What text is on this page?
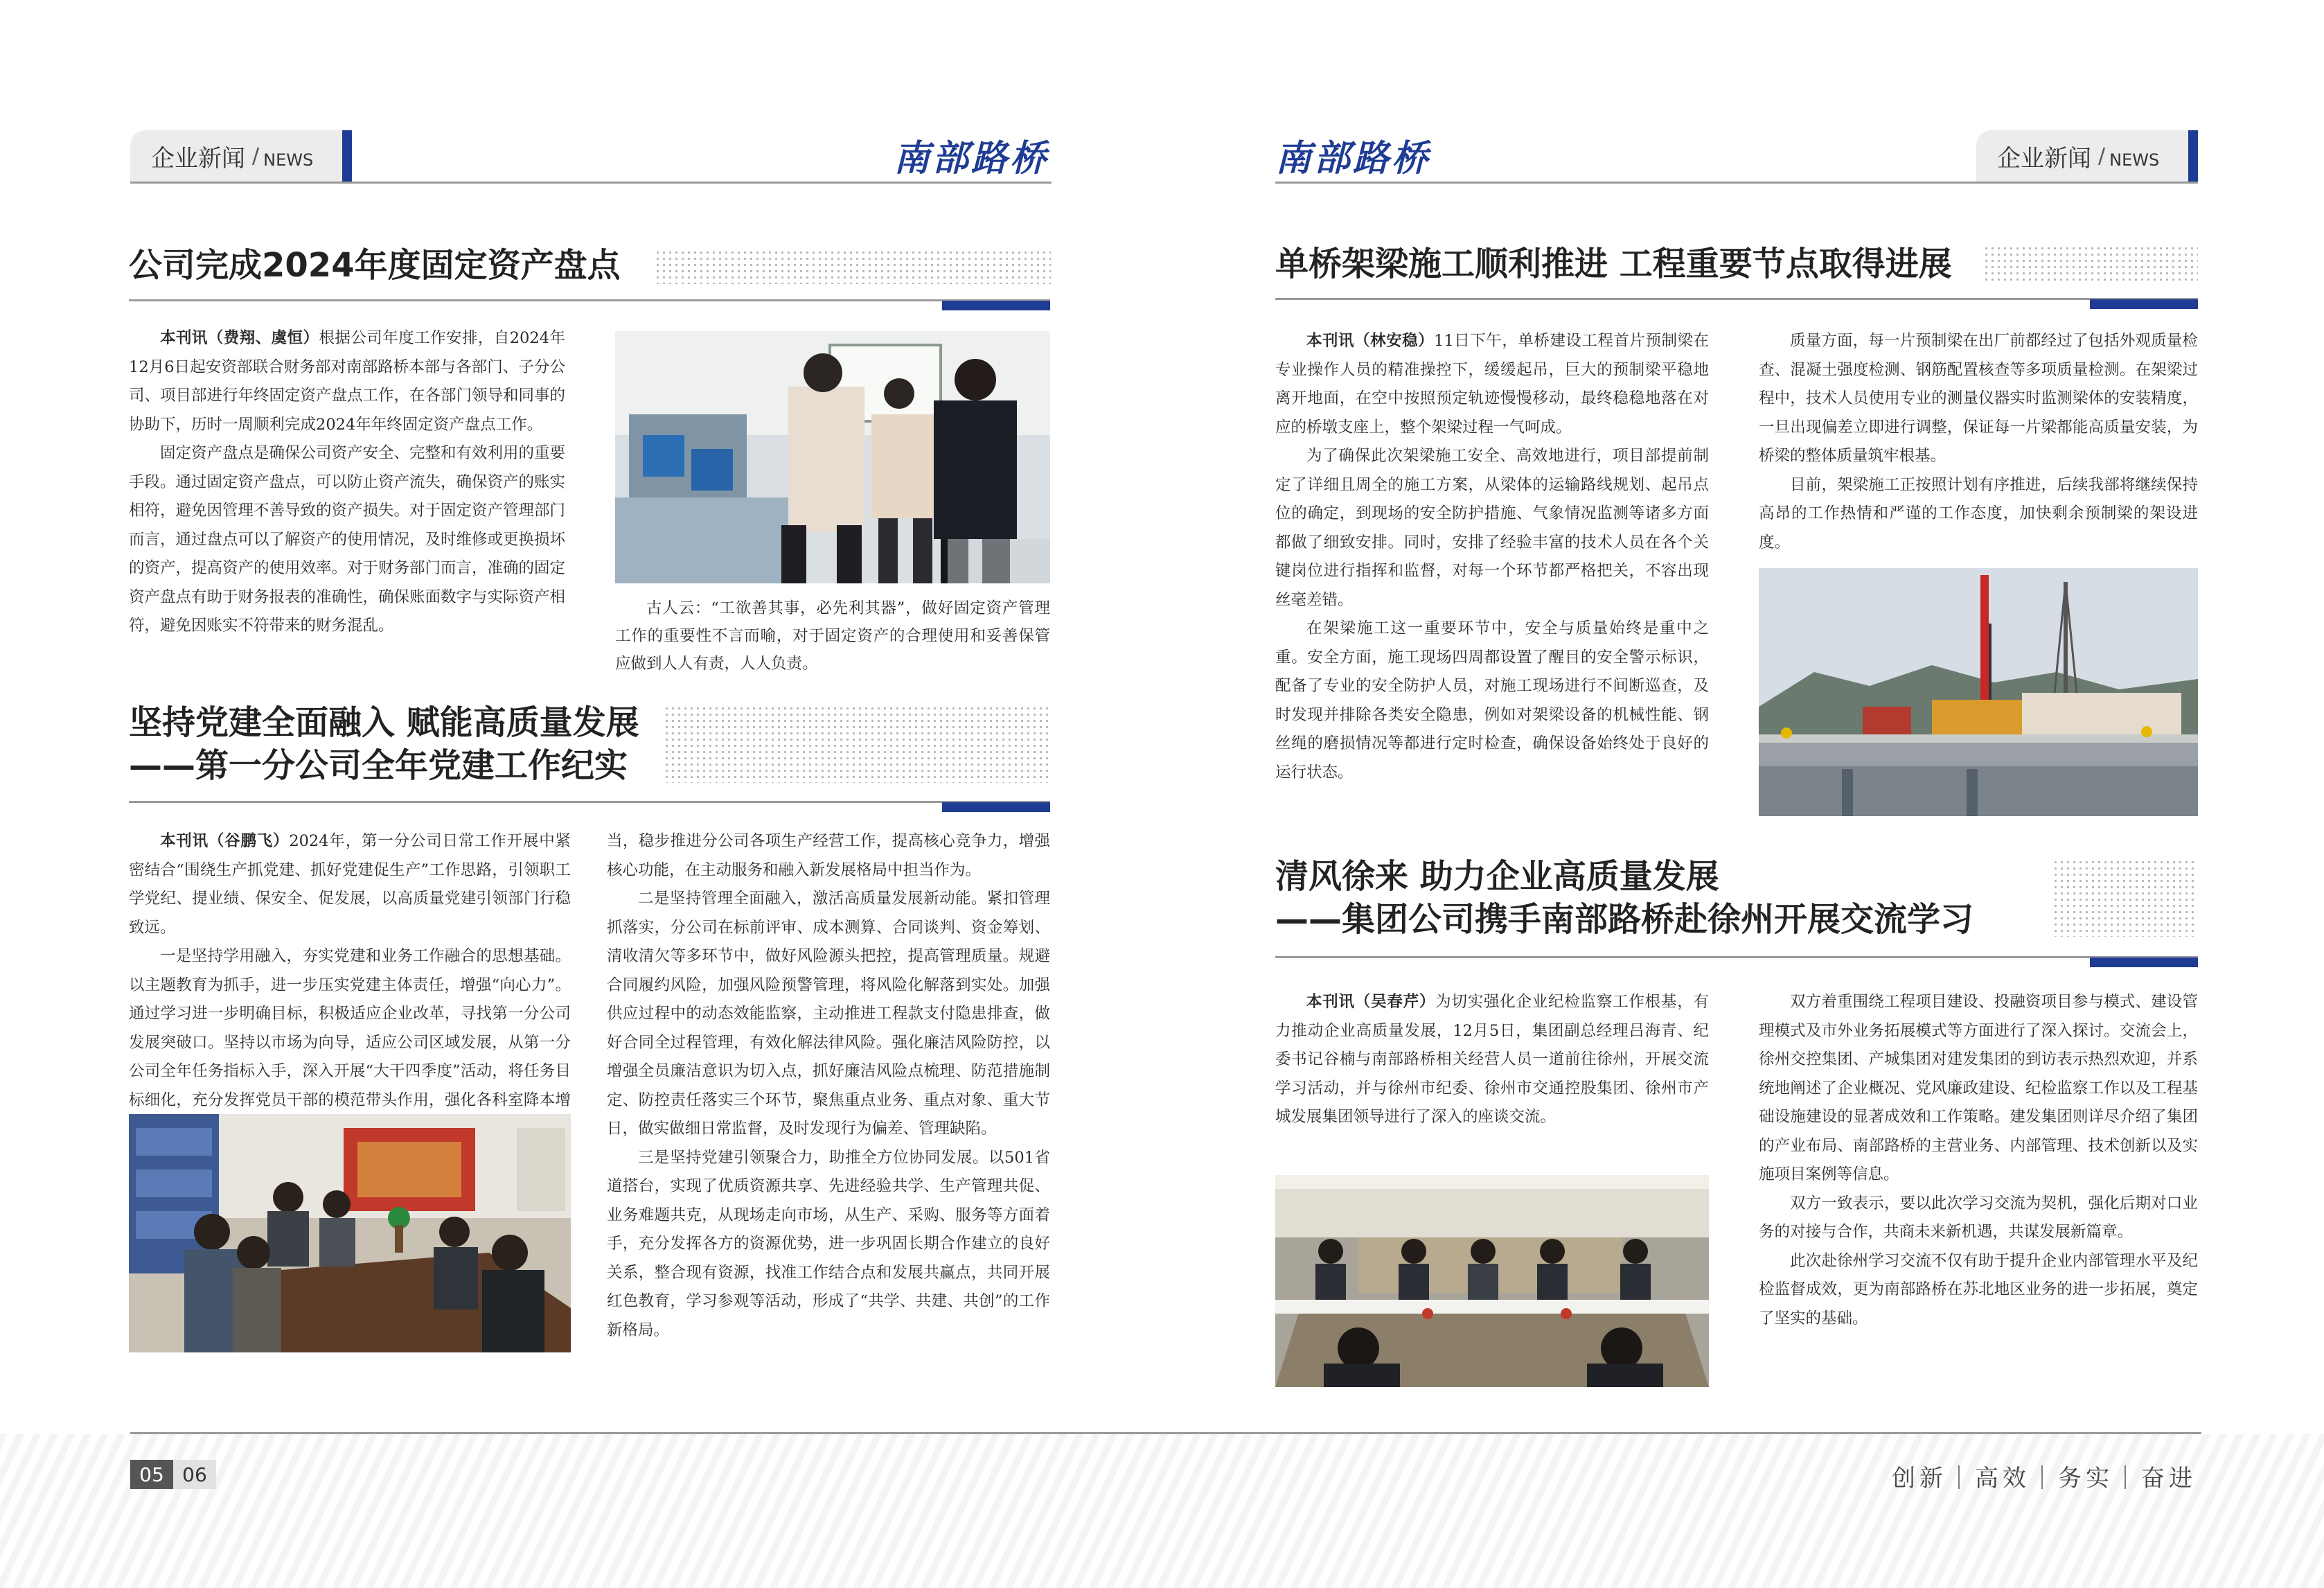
企业新闻 / NEWS	南部路桥
公司完成2024年度固定资产盘点

本刊讯（费翔、虞恒）根据公司年度工作安排，自2024年12月6日起安资部联合财务部对南部路桥本部与各部门、子分公司、项目部进行年终固定资产盘点工作，在各部门领导和同事的协助下，历时一周顺利完成2024年年终固定资产盘点工作。

固定资产盘点是确保公司资产安全、完整和有效利用的重要手段。通过固定资产盘点，可以防止资产流失，确保资产的账实相符，避免因管理不善导致的资产损失。对于固定资产管理部门而言，通过盘点可以了解资产的使用情况，及时维修或更换损坏的资产，提高资产的使用效率。对于财务部门而言，准确的固定资产盘点有助于财务报表的准确性，确保账面数字与实际资产相符，避免因账实不符带来的财务混乱。

古人云：“工欲善其事，必先利其器”，做好固定资产管理工作的重要性不言而喻，对于固定资产的合理使用和妥善保管应做到人人有责，人人负责。
坚持党建全面融入 赋能高质量发展
——第一分公司全年党建工作纪实

本刊讯（谷鹏飞）2024年，第一分公司日常工作开展中紧密结合“围绕生产抓党建、抓好党建促生产”工作思路，引领职工学党纪、提业绩、保安全、促发展，以高质量党建引领部门行稳致远。

一是坚持学用融入，夯实党建和业务工作融合的思想基础。以主题教育为抓手，进一步压实党建主体责任，增强“向心力”。通过学习进一步明确目标，积极适应企业改革，寻找第一分公司发展突破口。坚持以市场为向导，适应公司区域发展，从第一分公司全年任务指标入手，深入开展“大干四季度”活动，将任务目标细化，充分发挥党员干部的模范带头作用，强化各科室降本增

当，稳步推进分公司各项生产经营工作，提高核心竞争力，增强核心功能，在主动服务和融入新发展格局中担当作为。

二是坚持管理全面融入，激活高质量发展新动能。紧扣管理抓落实，分公司在标前评审、成本测算、合同谈判、资金筹划、清收清欠等多环节中，做好风险源头把控，提高管理质量。规避合同履约风险，加强风险预警管理，将风险化解落到实处。加强供应过程中的动态效能监察，主动推进工程款支付隐患排查，做好合同全过程管理，有效化解法律风险。强化廉洁风险防控，以增强全员廉洁意识为切入点，抓好廉洁风险点梳理、防范措施制定、防控责任落实三个环节，聚焦重点业务、重点对象、重大节日，做实做细日常监督，及时发现行为偏差、管理缺陷。

三是坚持党建引领聚合力，助推全方位协同发展。以501省道搭台，实现了优质资源共享、先进经验共学、生产管理共促、业务难题共克，从现场走向市场，从生产、采购、服务等方面着手，充分发挥各方的资源优势，进一步巩固长期合作建立的良好关系，整合现有资源，找准工作结合点和发展共赢点，共同开展红色教育，学习参观等活动，形成了“共学、共建、共创”的工作新格局。

南部路桥	企业新闻 / NEWS
单桥架梁施工顺利推进 工程重要节点取得进展

本刊讯（林安稳）11日下午，单桥建设工程首片预制梁在专业操作人员的精准操控下，缓缓起吊，巨大的预制梁平稳地离开地面，在空中按照预定轨迹慢慢移动，最终稳稳地落在对应的桥墩支座上，整个架梁过程一气呵成。

为了确保此次架梁施工安全、高效地进行，项目部提前制定了详细且周全的施工方案，从梁体的运输路线规划、起吊点位的确定，到现场的安全防护措施、气象情况监测等诸多方面都做了细致安排。同时，安排了经验丰富的技术人员在各个关键岗位进行指挥和监督，对每一个环节都严格把关，不容出现丝毫差错。

在架梁施工这一重要环节中，安全与质量始终是重中之重。安全方面，施工现场四周都设置了醒目的安全警示标识，配备了专业的安全防护人员，对施工现场进行不间断巡查，及时发现并排除各类安全隐患，例如对架梁设备的机械性能、钢丝绳的磨损情况等都进行定时检查，确保设备始终处于良好的运行状态。

质量方面，每一片预制梁在出厂前都经过了包括外观质量检查、混凝土强度检测、钢筋配置核查等多项质量检测。在架梁过程中，技术人员使用专业的测量仪器实时监测梁体的安装精度，一旦出现偏差立即进行调整，保证每一片梁都能高质量安装，为桥梁的整体质量筑牢根基。

目前，架梁施工正按照计划有序推进，后续我部将继续保持高昂的工作热情和严谨的工作态度，加快剩余预制梁的架设进度。

清风徐来 助力企业高质量发展
——集团公司携手南部路桥赴徐州开展交流学习

本刊讯（吴春芹）为切实强化企业纪检监察工作根基，有力推动企业高质量发展，12月5日，集团副总经理吕海青、纪委书记谷楠与南部路桥相关经营人员一道前往徐州，开展交流学习活动，并与徐州市纪委、徐州市交通控股集团、徐州市产城发展集团领导进行了深入的座谈交流。

双方着重围绕工程项目建设、投融资项目参与模式、建设管理模式及市外业务拓展模式等方面进行了深入探讨。交流会上，徐州交控集团、产城集团对建发集团的到访表示热烈欢迎，并系统地阐述了企业概况、党风廉政建设、纪检监察工作以及工程基础设施建设的显著成效和工作策略。建发集团则详尽介绍了集团的产业布局、南部路桥的主营业务、内部管理、技术创新以及实施项目案例等信息。

双方一致表示，要以此次学习交流为契机，强化后期对口业务的对接与合作，共商未来新机遇，共谋发展新篇章。

此次赴徐州学习交流不仅有助于提升企业内部管理水平及纪检监督成效，更为南部路桥在苏北地区业务的进一步拓展，奠定了坚实的基础。

05 06	创新｜高效｜务实｜奋进
